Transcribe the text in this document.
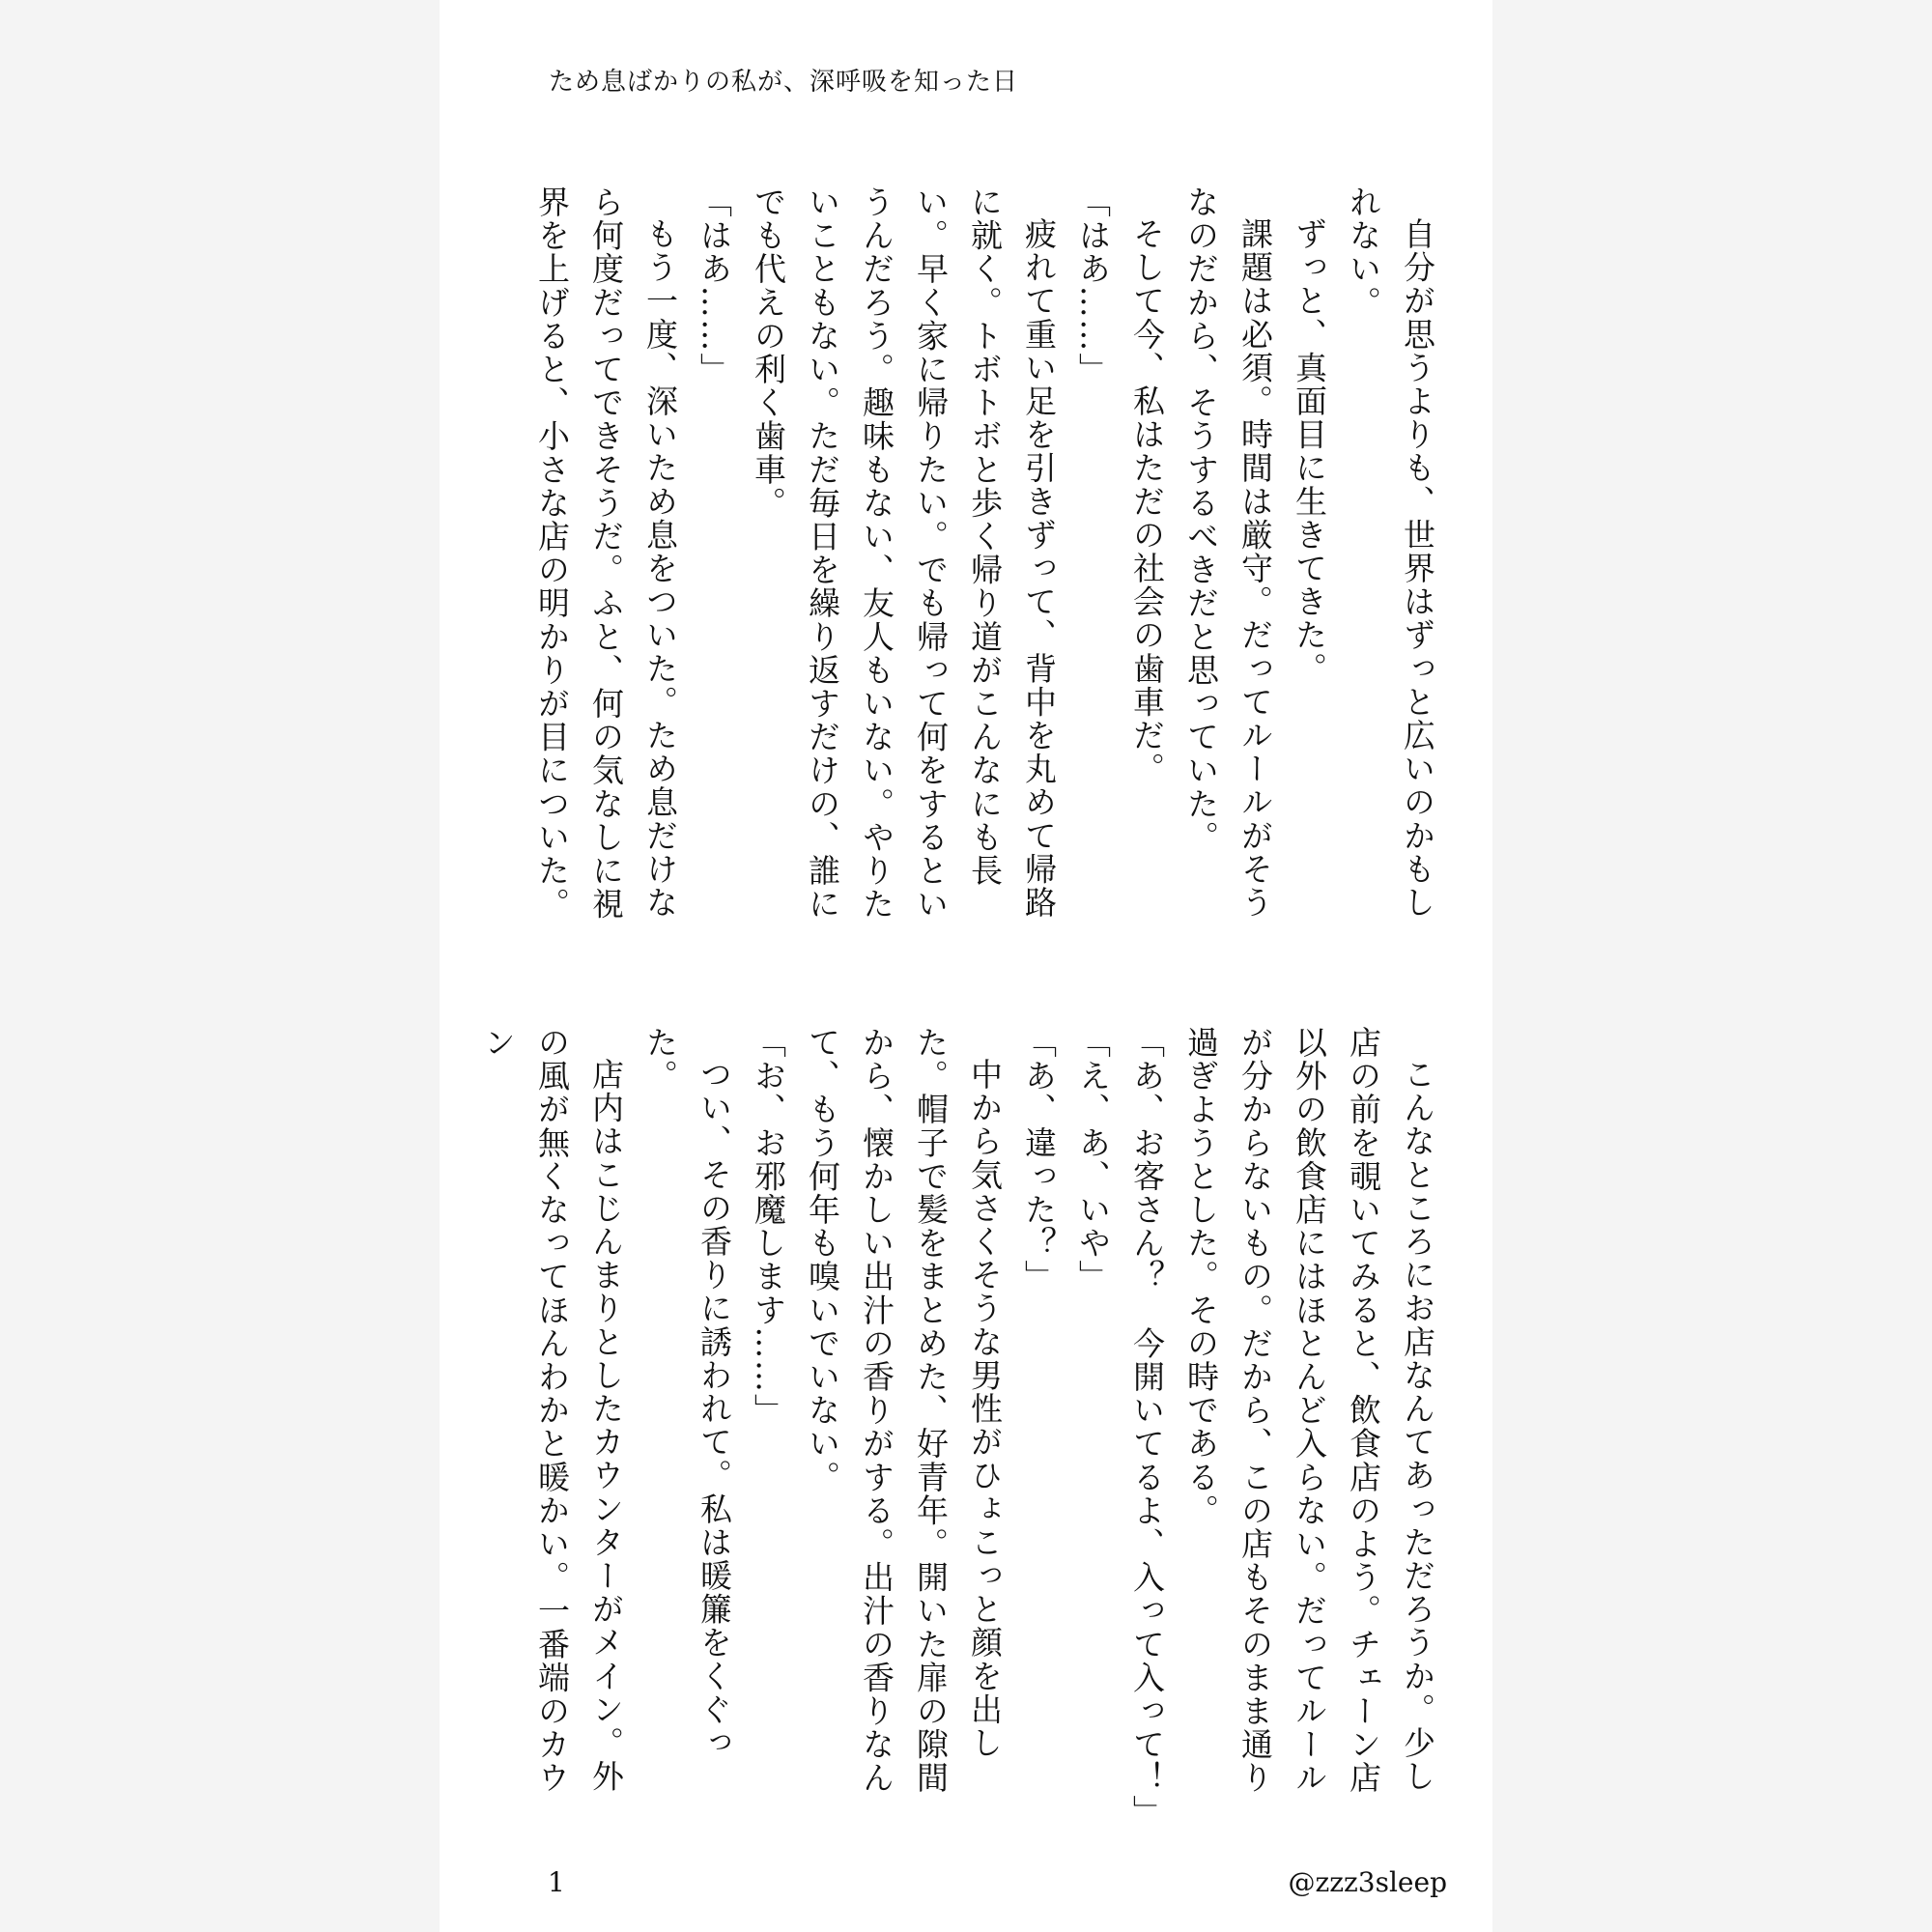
ため息ばかりの私が、深呼吸を知った日

自分が思うよりも、世界はずっと広いのかもしれない。

ずっと、真面目に生きてきた。

課題は必須。時間は厳守。だってルールがそうなのだから、そうするべきだと思っていた。

そして今、私はただの社会の歯車だ。

「はあ……」

疲れて重い足を引きずって、背中を丸めて帰路に就く。トボトボと歩く帰り道がこんなにも長い。早く家に帰りたい。でも帰って何をするというんだろう。趣味もない、友人もいない。やりたいこともない。ただ毎日を繰り返すだけの、誰にでも代えの利く歯車。

「はあ……」

もう一度、深いため息をついた。ため息だけなら何度だってできそうだ。ふと、何の気なしに視界を上げると、小さな店の明かりが目についた。

こんなところにお店なんてあっただろうか。少し店の前を覗いてみると、飲食店のよう。チェーン店以外の飲食店にはほとんど入らない。だってルールが分からないもの。だから、この店もそのまま通り過ぎようとした。その時である。

「あ、お客さん？　今開いてるよ、入って入って！」

「え、あ、いや」

「あ、違った？」

中から気さくそうな男性がひょこっと顔を出した。帽子で髪をまとめた、好青年。開いた扉の隙間から、懐かしい出汁の香りがする。出汁の香りなんて、もう何年も嗅いでいない。

「お、お邪魔します……」

つい、その香りに誘われて。私は暖簾をくぐった。

店内はこじんまりとしたカウンターがメイン。外の風が無くなってほんわかと暖かい。一番端のカウン

1	@zzz3sleep
